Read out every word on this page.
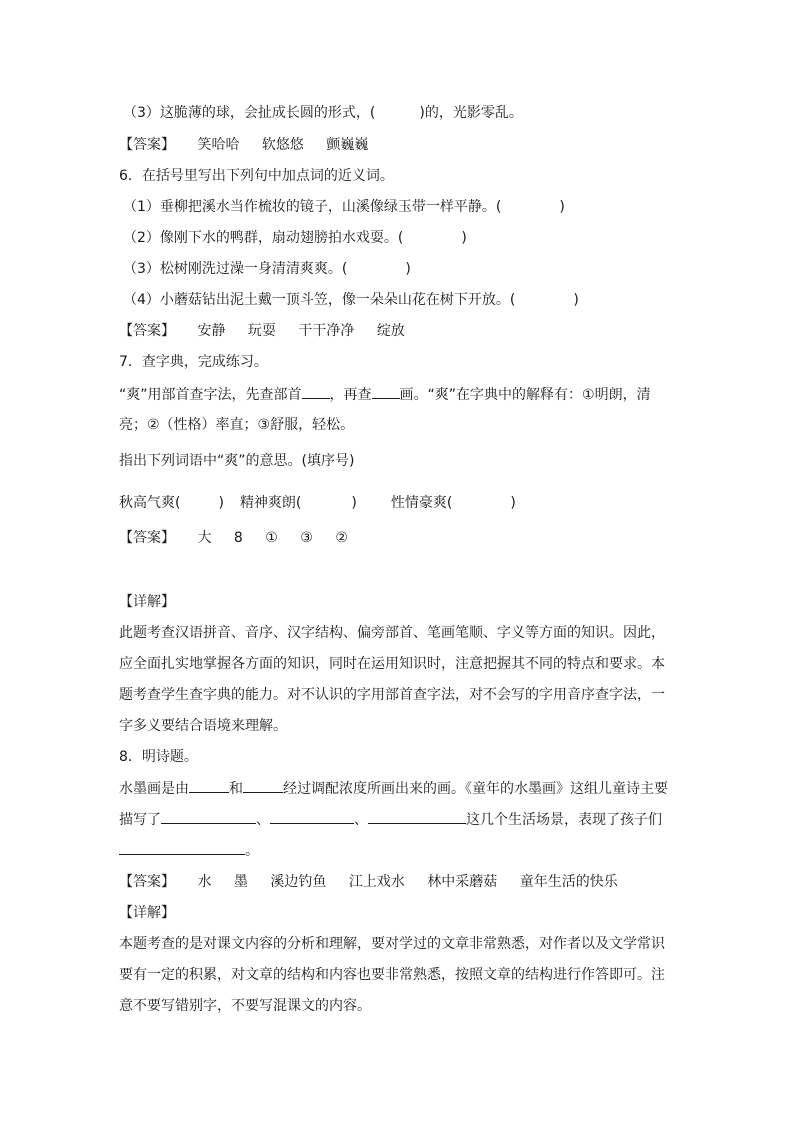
（3）这脆薄的球，会扯成长圆的形式，(	)的，光影零乱。
【答案】 笑哈哈 软悠悠 颤巍巍
6．在括号里写出下列句中加点词的近义词。
（1）垂柳把溪水当作梳妆的镜子，山溪像绿玉带一样平静。(	)
（2）像刚下水的鸭群，扇动翅膀拍水戏耍。(	)
（3）松树刚洗过澡一身清清爽爽。(	)
（4）小蘑菇钻出泥土戴一顶斗笠，像一朵朵山花在树下开放。(	)
【答案】 安静 玩耍 干干净净 绽放
7．查字典，完成练习。
“爽”用部首查字法，先查部首 ，再查 画。“爽”在字典中的解释有：①明朗，清
亮；②（性格）率直；③舒服，轻松。
指出下列词语中“爽”的意思。(填序号)
秋高气爽(	) 精神爽朗(	) 性情豪爽(	)
【答案】 大 8 ① ③ ②
【详解】
此题考查汉语拼音、音序、汉字结构、偏旁部首、笔画笔顺、字义等方面的知识。因此，
应全面扎实地掌握各方面的知识，同时在运用知识时，注意把握其不同的特点和要求。本
题考查学生查字典的能力。对不认识的字用部首查字法，对不会写的字用音序查字法，一
字多义要结合语境来理解。
8．明诗题。
水墨画是由	和	经过调配浓度所画出来的画。《童年的水墨画》这组儿童诗主要
描写了	、	、	这几个生活场景，表现了孩子们
。
【答案】 水 墨 溪边钓鱼 江上戏水 林中采蘑菇 童年生活的快乐
【详解】
本题考查的是对课文内容的分析和理解，要对学过的文章非常熟悉，对作者以及文学常识
要有一定的积累，对文章的结构和内容也要非常熟悉，按照文章的结构进行作答即可。注
意不要写错别字，不要写混课文的内容。
